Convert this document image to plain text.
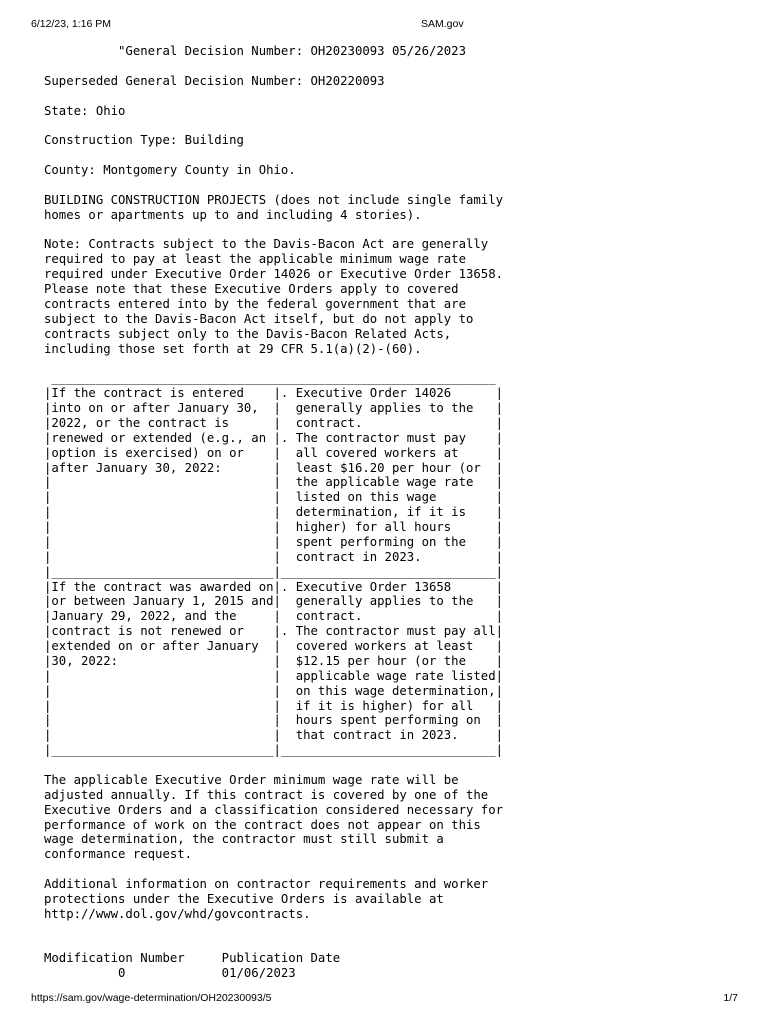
6/12/23, 1:16 PM	SAM.gov
"General Decision Number: OH20230093 05/26/2023

Superseded General Decision Number: OH20220093

State: Ohio

Construction Type: Building

County: Montgomery County in Ohio.

BUILDING CONSTRUCTION PROJECTS (does not include single family
homes or apartments up to and including 4 stories).

Note: Contracts subject to the Davis-Bacon Act are generally
required to pay at least the applicable minimum wage rate
required under Executive Order 14026 or Executive Order 13658.
Please note that these Executive Orders apply to covered
contracts entered into by the federal government that are
subject to the Davis-Bacon Act itself, but do not apply to
contracts subject only to the Davis-Bacon Related Acts,
including those set forth at 29 CFR 5.1(a)(2)-(60).

____________________________________________________________
|If the contract is entered    |. Executive Order 14026      |
|into on or after January 30,  |  generally applies to the   |
|2022, or the contract is      |  contract.                  |
|renewed or extended (e.g., an |. The contractor must pay    |
|option is exercised) on or    |  all covered workers at     |
|after January 30, 2022:       |  least $16.20 per hour (or  |
|                              |  the applicable wage rate   |
|                              |  listed on this wage        |
|                              |  determination, if it is    |
|                              |  higher) for all hours      |
|                              |  spent performing on the    |
|                              |  contract in 2023.          |
|______________________________|_____________________________|
|If the contract was awarded on|. Executive Order 13658      |
|or between January 1, 2015 and|  generally applies to the   |
|January 29, 2022, and the     |  contract.                  |
|contract is not renewed or    |. The contractor must pay all|
|extended on or after January  |  covered workers at least   |
|30, 2022:                     |  $12.15 per hour (or the    |
|                              |  applicable wage rate listed|
|                              |  on this wage determination,|
|                              |  if it is higher) for all   |
|                              |  hours spent performing on  |
|                              |  that contract in 2023.     |
|______________________________|_____________________________|

The applicable Executive Order minimum wage rate will be
adjusted annually. If this contract is covered by one of the
Executive Orders and a classification considered necessary for
performance of work on the contract does not appear on this
wage determination, the contractor must still submit a
conformance request.

Additional information on contractor requirements and worker
protections under the Executive Orders is available at
http://www.dol.gov/whd/govcontracts.

Modification Number     Publication Date
0             01/06/2023
https://sam.gov/wage-determination/OH20230093/5	1/7
